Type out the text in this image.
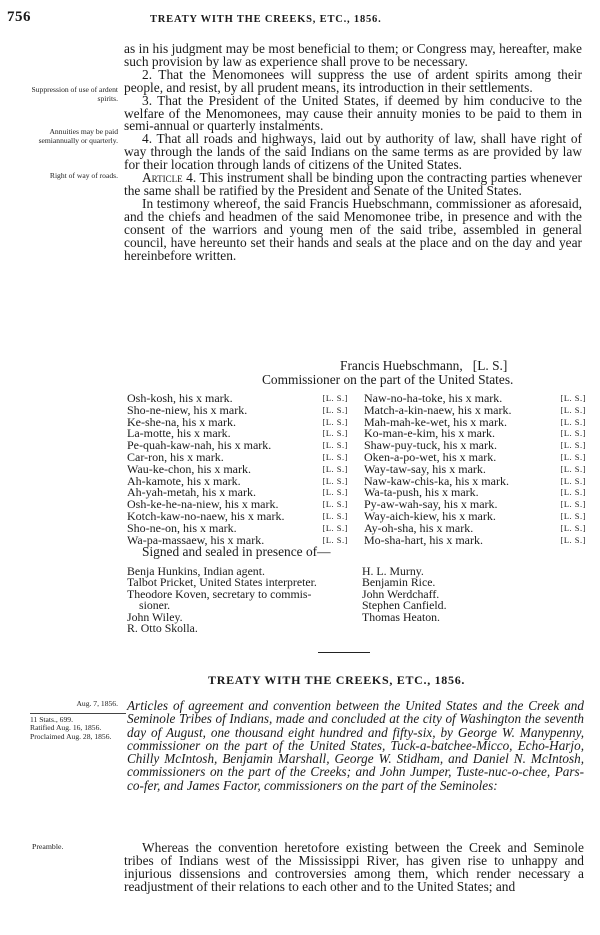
756	TREATY WITH THE CREEKS, ETC., 1856.
Suppression of use of ardent spirits.
Annuities may be paid semiannually or quarterly.
Right of way of roads.

as in his judgment may be most beneficial to them; or Congress may, hereafter, make such provision by law as experience shall prove to be necessary.

2. That the Menomonees will suppress the use of ardent spirits among their people, and resist, by all prudent means, its introduction in their settlements.

3. That the President of the United States, if deemed by him conducive to the welfare of the Menomonees, may cause their annuity monies to be paid to them in semi-annual or quarterly instalments.

4. That all roads and highways, laid out by authority of law, shall have right of way through the lands of the said Indians on the same terms as are provided by law for their location through lands of citizens of the United States.

Article 4. This instrument shall be binding upon the contracting parties whenever the same shall be ratified by the President and Senate of the United States.

In testimony whereof, the said Francis Huebschmann, commissioner as aforesaid, and the chiefs and headmen of the said Menomonee tribe, in presence and with the consent of the warriors and young men of the said tribe, assembled in general council, have hereunto set their hands and seals at the place and on the day and year hereinbefore written.

Francis Huebschmann,   [L. S.]
Commissioner on the part of the United States.
Osh-kosh, his x mark.	[L. S.]
Sho-ne-niew, his x mark.	[L. S.]
Ke-she-na, his x mark.	[L. S.]
La-motte, his x mark.	[L. S.]
Pe-quah-kaw-nah, his x mark.	[L. S.]
Car-ron, his x mark.	[L. S.]
Wau-ke-chon, his x mark.	[L. S.]
Ah-kamote, his x mark.	[L. S.]
Ah-yah-metah, his x mark.	[L. S.]
Osh-ke-he-na-niew, his x mark.	[L. S.]
Kotch-kaw-no-naew, his x mark.	[L. S.]
Sho-ne-on, his x mark.	[L. S.]
Wa-pa-massaew, his x mark.	[L. S.]
Naw-no-ha-toke, his x mark.	[L. S.]
Match-a-kin-naew, his x mark.	[L. S.]
Mah-mah-ke-wet, his x mark.	[L. S.]
Ko-man-e-kim, his x mark.	[L. S.]
Shaw-puy-tuck, his x mark.	[L. S.]
Oken-a-po-wet, his x mark.	[L. S.]
Way-taw-say, his x mark.	[L. S.]
Naw-kaw-chis-ka, his x mark.	[L. S.]
Wa-ta-push, his x mark.	[L. S.]
Py-aw-wah-say, his x mark.	[L. S.]
Way-aich-kiew, his x mark.	[L. S.]
Ay-oh-sha, his x mark.	[L. S.]
Mo-sha-hart, his x mark.	[L. S.]
Signed and sealed in presence of—
Benja Hunkins, Indian agent.
Talbot Pricket, United States interpreter.
Theodore Koven, secretary to commis-
sioner.
John Wiley.
R. Otto Skolla.
H. L. Murny.
Benjamin Rice.
John Werdchaff.
Stephen Canfield.
Thomas Heaton.
TREATY WITH THE CREEKS, ETC., 1856.
Aug. 7, 1856.
11 Stats., 699.
Ratified Aug. 16, 1856.
Proclaimed Aug. 28, 1856.
Preamble.
Articles of agreement and convention between the United States and the Creek and Seminole Tribes of Indians, made and concluded at the city of Washington the seventh day of August, one thousand eight hundred and fifty-six, by George W. Manypenny, commissioner on the part of the United States, Tuck-a-batchee-Micco, Echo-Harjo, Chilly McIntosh, Benjamin Marshall, George W. Stidham, and Daniel N. McIntosh, commissioners on the part of the Creeks; and John Jumper, Tuste-nuc-o-chee, Pars-co-fer, and James Factor, commissioners on the part of the Seminoles:

Whereas the convention heretofore existing between the Creek and Seminole tribes of Indians west of the Mississippi River, has given rise to unhappy and injurious dissensions and controversies among them, which render necessary a readjustment of their relations to each other and to the United States; and
